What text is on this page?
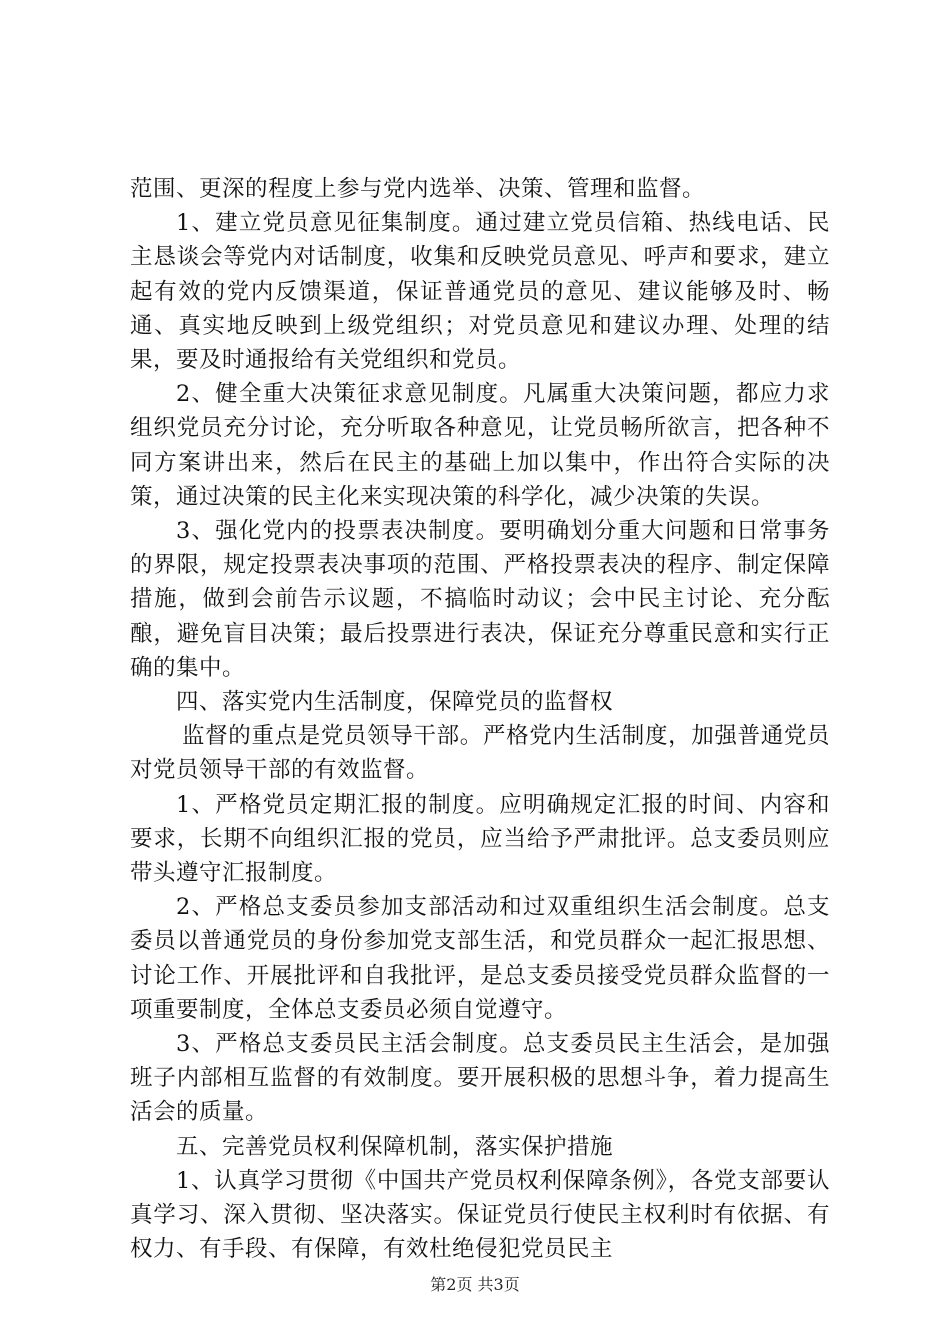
范围、更深的程度上参与党内选举、决策、管理和监督。

1、建立党员意见征集制度。通过建立党员信箱、热线电话、民主恳谈会等党内对话制度，收集和反映党员意见、呼声和要求，建立起有效的党内反馈渠道，保证普通党员的意见、建议能够及时、畅通、真实地反映到上级党组织；对党员意见和建议办理、处理的结果，要及时通报给有关党组织和党员。

2、健全重大决策征求意见制度。凡属重大决策问题，都应力求组织党员充分讨论，充分听取各种意见，让党员畅所欲言，把各种不同方案讲出来，然后在民主的基础上加以集中，作出符合实际的决策，通过决策的民主化来实现决策的科学化，减少决策的失误。

3、强化党内的投票表决制度。要明确划分重大问题和日常事务的界限，规定投票表决事项的范围、严格投票表决的程序、制定保障措施，做到会前告示议题，不搞临时动议；会中民主讨论、充分酝酿，避免盲目决策；最后投票进行表决，保证充分尊重民意和实行正确的集中。

四、落实党内生活制度，保障党员的监督权

监督的重点是党员领导干部。严格党内生活制度，加强普通党员对党员领导干部的有效监督。

1、严格党员定期汇报的制度。应明确规定汇报的时间、内容和要求，长期不向组织汇报的党员，应当给予严肃批评。总支委员则应带头遵守汇报制度。

2、严格总支委员参加支部活动和过双重组织生活会制度。总支委员以普通党员的身份参加党支部生活，和党员群众一起汇报思想、讨论工作、开展批评和自我批评，是总支委员接受党员群众监督的一项重要制度，全体总支委员必须自觉遵守。

3、严格总支委员民主活会制度。总支委员民主生活会，是加强班子内部相互监督的有效制度。要开展积极的思想斗争，着力提高生活会的质量。

五、完善党员权利保障机制，落实保护措施

1、认真学习贯彻《中国共产党员权利保障条例》，各党支部要认真学习、深入贯彻、坚决落实。保证党员行使民主权利时有依据、有权力、有手段、有保障，有效杜绝侵犯党员民主

第2页 共3页
